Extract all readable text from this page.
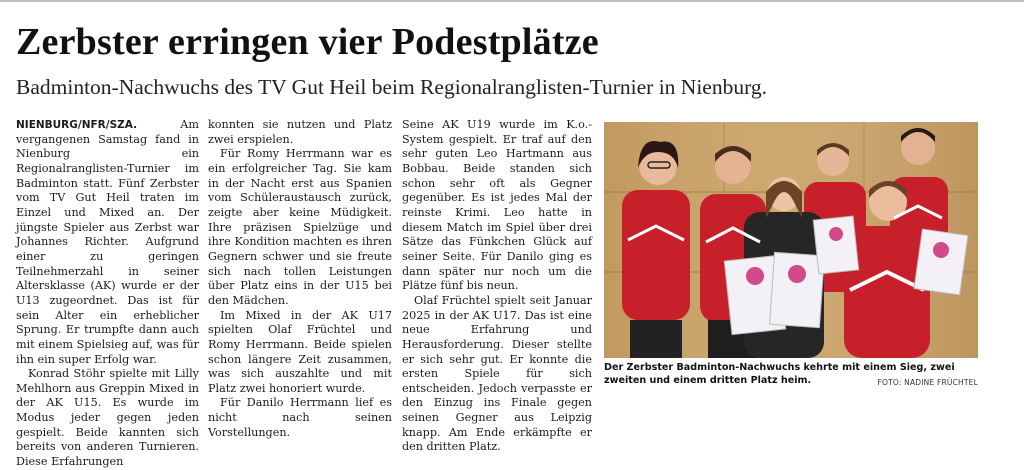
Zerbster erringen vier Podestplätze
Badminton-Nachwuchs des TV Gut Heil beim Regionalranglisten-Turnier in Nienburg.

NIENBURG/NFR/SZA. Am vergangenen Samstag fand in Nienburg ein Regionalranglisten-Turnier im Badminton statt. Fünf Zerbster vom TV Gut Heil traten im Einzel und Mixed an. Der jüngste Spieler aus Zerbst war Johannes Richter. Aufgrund einer zu geringen Teilnehmerzahl in seiner Altersklasse (AK) wurde er der U13 zugeordnet. Das ist für sein Alter ein erheblicher Sprung. Er trumpfte dann auch mit einem Spielsieg auf, was für ihn ein super Erfolg war.

Konrad Stöhr spielte mit Lilly Mehlhorn aus Greppin Mixed in der AK U15. Es wurde im Modus jeder gegen jeden gespielt. Beide kannten sich bereits von anderen Turnieren. Diese Erfahrungen

konnten sie nutzen und Platz zwei erspielen.

Für Romy Herrmann war es ein erfolgreicher Tag. Sie kam in der Nacht erst aus Spanien vom Schüleraustausch zurück, zeigte aber keine Müdigkeit. Ihre präzisen Spielzüge und ihre Kondition machten es ihren Gegnern schwer und sie freute sich nach tollen Leistungen über Platz eins in der U15 bei den Mädchen.

Im Mixed in der AK U17 spielten Olaf Früchtel und Romy Herrmann. Beide spielen schon längere Zeit zusammen, was sich auszahlte und mit Platz zwei honoriert wurde.

Für Danilo Herrmann lief es nicht nach seinen Vorstellungen.

Seine AK U19 wurde im K.o.-System gespielt. Er traf auf den sehr guten Leo Hartmann aus Bobbau. Beide standen sich schon sehr oft als Gegner gegenüber. Es ist jedes Mal der reinste Krimi. Leo hatte in diesem Match im Spiel über drei Sätze das Fünkchen Glück auf seiner Seite. Für Danilo ging es dann später nur noch um die Plätze fünf bis neun.

Olaf Früchtel spielt seit Januar 2025 in der AK U17. Das ist eine neue Erfahrung und Herausforderung. Dieser stellte er sich sehr gut. Er konnte die ersten Spiele für sich entscheiden. Jedoch verpasste er den Einzug ins Finale gegen seinen Gegner aus Leipzig knapp. Am Ende erkämpfte er den dritten Platz.

Der Zerbster Badminton-Nachwuchs kehrte mit einem Sieg, zwei zweiten und einem dritten Platz heim.	FOTO: NADINE FRÜCHTEL
